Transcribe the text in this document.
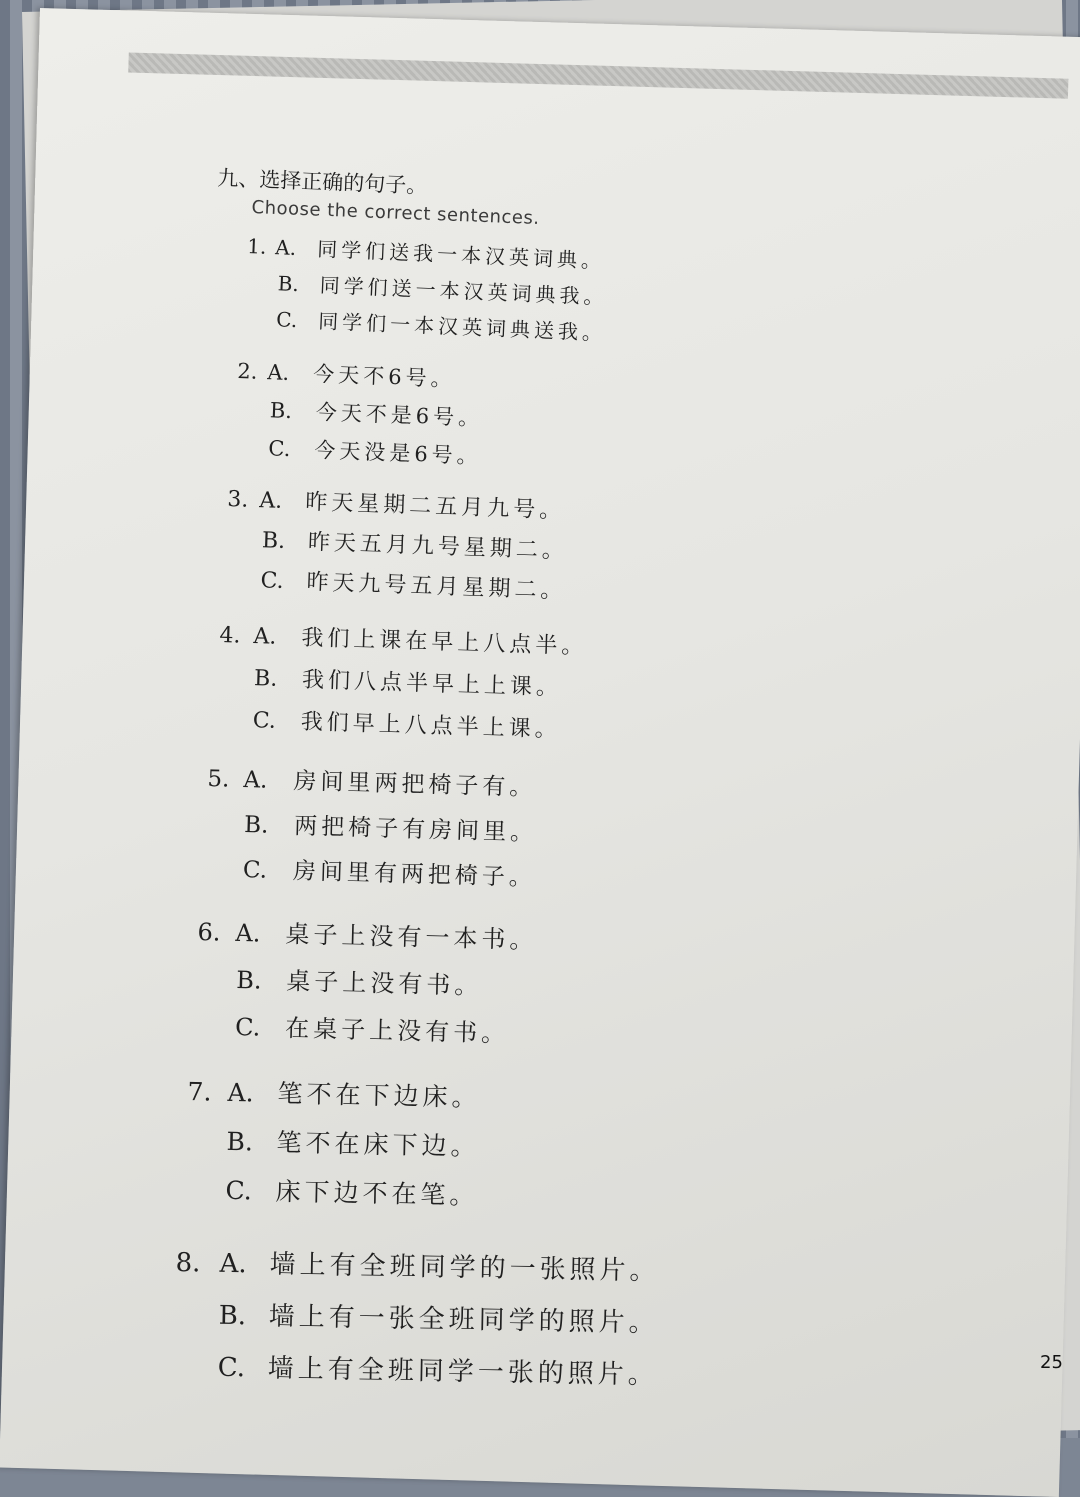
九、选择正确的句子。
Choose the correct sentences.
1. A.	同学们送我一本汉英词典。
B. 同学们送一本汉英词典我。
C.	同学们一本汉英词典送我。
2. A.	今天不6号。
B.	今天不是6号。
C.	今天没是6号。
3. A.	昨天星期二五月九号。
B. 昨天五月九号星期二。
C.	昨天九号五月星期二。
4. A.	我们上课在早上八点半。
B.	我们八点半早上上课。
C.	我们早上八点半上课。
5. A.	房间里两把椅子有。
B.	两把椅子有房间里。
C.	房间里有两把椅子。
6. A.	桌子上没有一本书。
B.	桌子上没有书。
C.	在桌子上没有书。
7. A. 笔不在下边床。
B. 笔不在床下边。
C. 床下边不在笔。
8. A. 墙上有全班同学的一张照片。
B. 墙上有一张全班同学的照片。
C. 墙上有全班同学一张的照片。	25
